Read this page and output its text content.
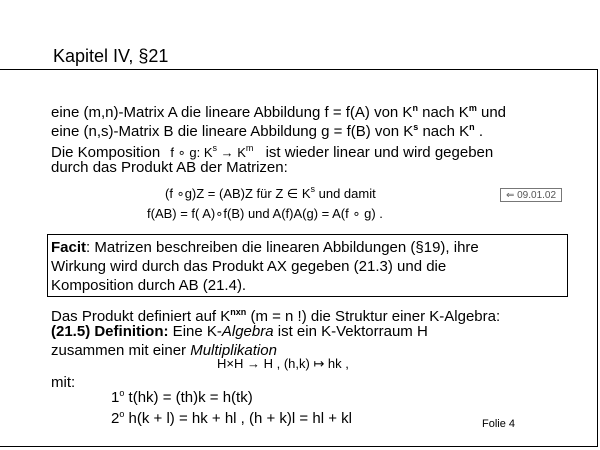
Kapitel IV, §21
eine (m,n)-Matrix A die lineare Abbildung f = f(A) von $K^n$ nach $K^m$ und
eine (n,s)-Matrix B die lineare Abbildung g = f(B) von $K^s$ nach $K^n$ .
Die Komposition f ∘ g: $K^s \to K^m$ ist wieder linear und wird gegeben
durch das Produkt AB der Matrizen:
(f ∘g)Z = (AB)Z für Z ∈ $K^s$ und damit	⇐ 09.01.02
f(AB) = f( A)∘f(B) und A(f)A(g) = A(f ∘ g) .
Facit: Matrizen beschreiben die linearen Abbildungen (§19), ihre
Wirkung wird durch das Produkt AX gegeben (21.3) und die
Komposition durch AB (21.4).
Das Produkt definiert auf $K^{nxn}$ (m = n !) die Struktur einer K-Algebra:
(21.5) Definition: Eine K-Algebra ist ein K-Vektorraum H
zusammen mit einer Multiplikation
H×H → H , (h,k) ↦ hk ,
mit:
1$^o$ t(hk) = (th)k = h(tk)
2$^o$ h(k + l) = hk + hl , (h + k)l = hl + kl	Folie 4
